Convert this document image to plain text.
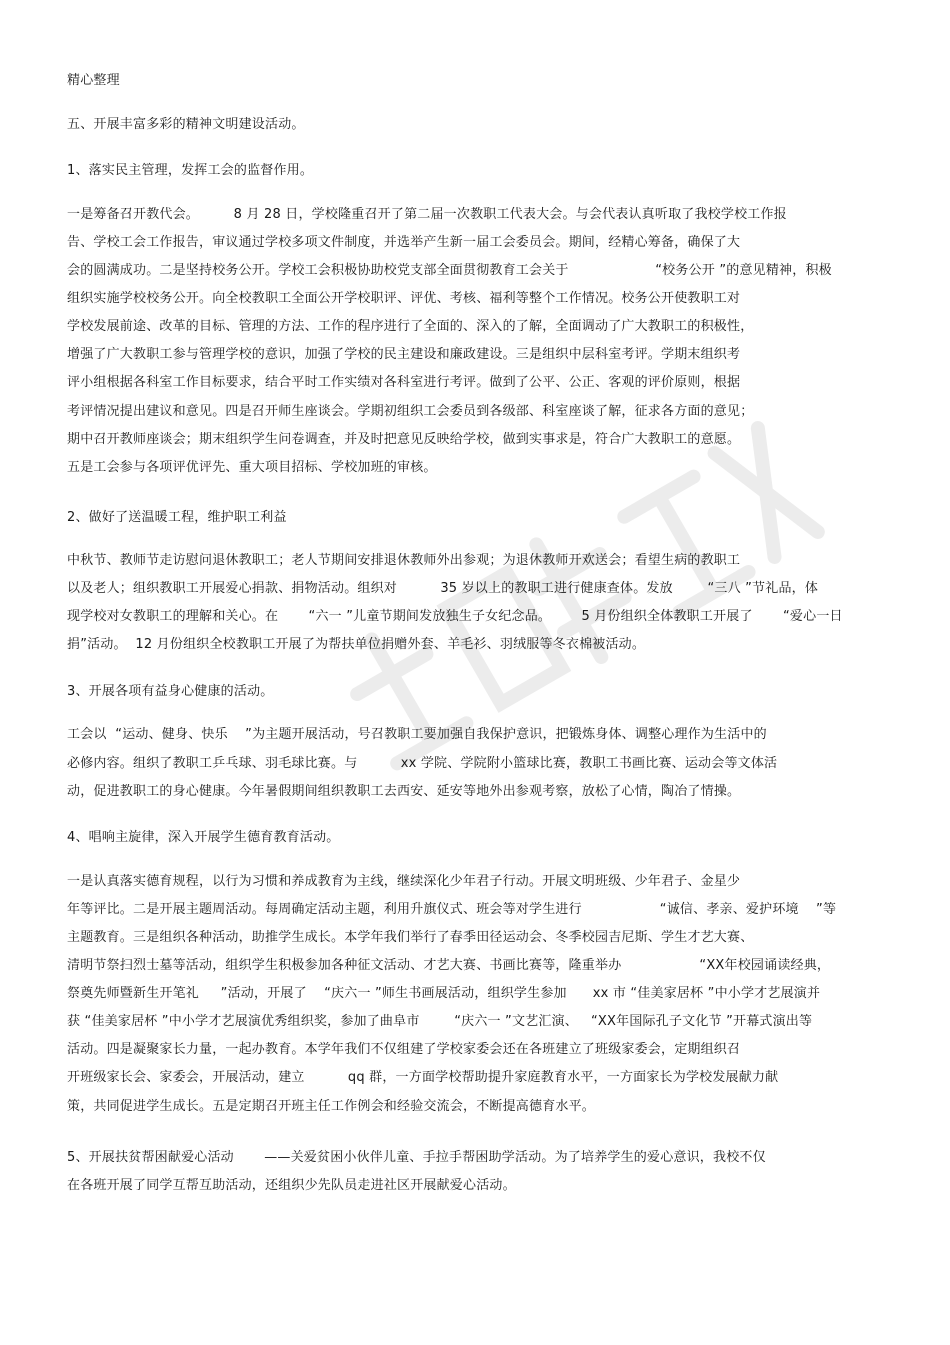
精心整理
五、开展丰富多彩的精神文明建设活动。
1、落实民主管理，发挥工会的监督作用。
一是筹备召开教代会。        8 月 28 日，学校隆重召开了第二届一次教职工代表大会。与会代表认真听取了我校学校工作报
告、学校工会工作报告，审议通过学校多项文件制度，并选举产生新一届工会委员会。期间，经精心筹备，确保了大
会的圆满成功。二是坚持校务公开。学校工会积极协助校党支部全面贯彻教育工会关于                    “校务公开 ”的意见精神，积极
组织实施学校校务公开。向全校教职工全面公开学校职评、评优、考核、福利等整个工作情况。校务公开使教职工对
学校发展前途、改革的目标、管理的方法、工作的程序进行了全面的、深入的了解，全面调动了广大教职工的积极性，
增强了广大教职工参与管理学校的意识，加强了学校的民主建设和廉政建设。三是组织中层科室考评。学期末组织考
评小组根据各科室工作目标要求，结合平时工作实绩对各科室进行考评。做到了公平、公正、客观的评价原则，根据
考评情况提出建议和意见。四是召开师生座谈会。学期初组织工会委员到各级部、科室座谈了解，征求各方面的意见；
期中召开教师座谈会；期末组织学生问卷调查，并及时把意见反映给学校，做到实事求是，符合广大教职工的意愿。
五是工会参与各项评优评先、重大项目招标、学校加班的审核。
2、做好了送温暖工程，维护职工利益
中秋节、教师节走访慰问退休教职工；老人节期间安排退休教师外出参观；为退休教师开欢送会；看望生病的教职工
以及老人；组织教职工开展爱心捐款、捐物活动。组织对          35 岁以上的教职工进行健康查体。发放        “三八 ”节礼品，体
现学校对女教职工的理解和关心。在       “六一 ”儿童节期间发放独生子女纪念品。       5 月份组织全体教职工开展了       “爱心一日
捐”活动。  12 月份组织全校教职工开展了为帮扶单位捐赠外套、羊毛衫、羽绒服等冬衣棉被活动。
3、开展各项有益身心健康的活动。
工会以  “运动、健身、快乐    ”为主题开展活动，号召教职工要加强自我保护意识，把锻炼身体、调整心理作为生活中的
必修内容。组织了教职工乒乓球、羽毛球比赛。与          xx 学院、学院附小篮球比赛，教职工书画比赛、运动会等文体活
动，促进教职工的身心健康。今年暑假期间组织教职工去西安、延安等地外出参观考察，放松了心情，陶冶了情操。
4、唱响主旋律，深入开展学生德育教育活动。
一是认真落实德育规程，以行为习惯和养成教育为主线，继续深化少年君子行动。开展文明班级、少年君子、金星少
年等评比。二是开展主题周活动。每周确定活动主题，利用升旗仪式、班会等对学生进行                  “诚信、孝亲、爱护环境    ”等
主题教育。三是组织各种活动，助推学生成长。本学年我们举行了春季田径运动会、冬季校园吉尼斯、学生才艺大赛、
清明节祭扫烈士墓等活动，组织学生积极参加各种征文活动、才艺大赛、书画比赛等，隆重举办                  “XX年校园诵读经典，
祭奠先师暨新生开笔礼     ”活动，开展了    “庆六一 ”师生书画展活动，组织学生参加      xx 市 “佳美家居杯 ”中小学才艺展演并
获 “佳美家居杯 ”中小学才艺展演优秀组织奖，参加了曲阜市        “庆六一 ”文艺汇演、   “XX年国际孔子文化节 ”开幕式演出等
活动。四是凝聚家长力量，一起办教育。本学年我们不仅组建了学校家委会还在各班建立了班级家委会，定期组织召
开班级家长会、家委会，开展活动，建立          qq 群，一方面学校帮助提升家庭教育水平，一方面家长为学校发展献力献
策，共同促进学生成长。五是定期召开班主任工作例会和经验交流会，不断提高德育水平。
5、开展扶贫帮困献爱心活动       ——关爱贫困小伙伴儿童、手拉手帮困助学活动。为了培养学生的爱心意识，我校不仅
在各班开展了同学互帮互助活动，还组织少先队员走进社区开展献爱心活动。
